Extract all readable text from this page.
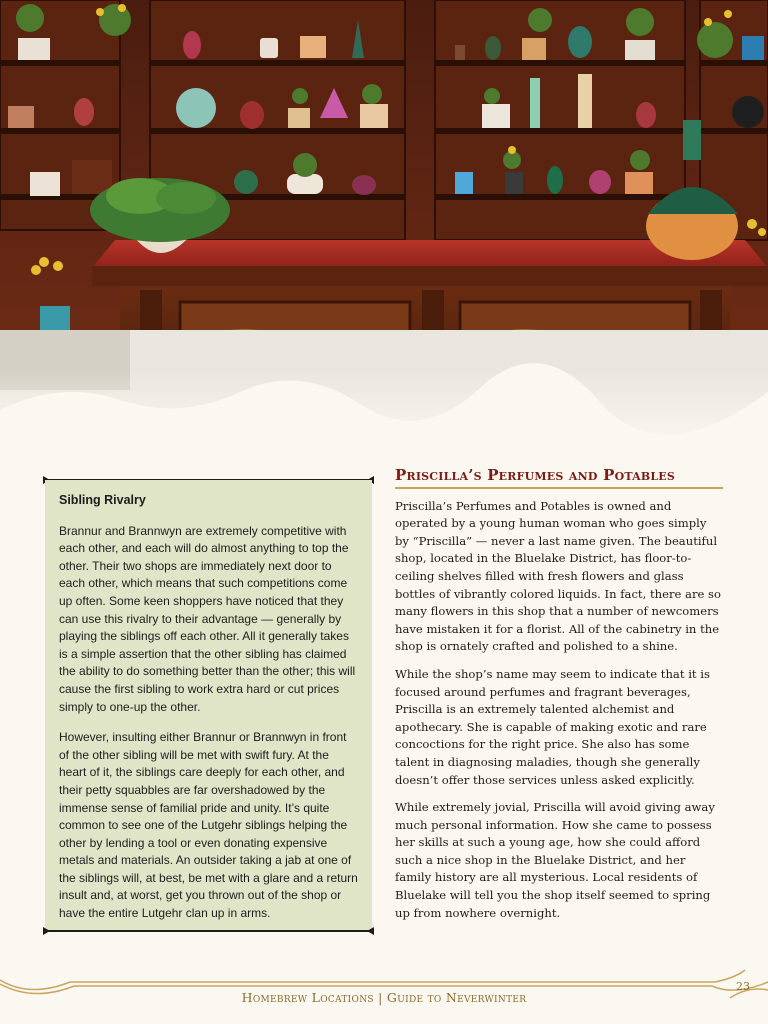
Sibling Rivalry

Brannur and Brannwyn are extremely competitive with each other, and each will do almost anything to top the other. Their two shops are immediately next door to each other, which means that such competitions come up often. Some keen shoppers have noticed that they can use this rivalry to their advantage — generally by playing the siblings off each other. All it generally takes is a simple assertion that the other sibling has claimed the ability to do something better than the other; this will cause the first sibling to work extra hard or cut prices simply to one-up the other.

However, insulting either Brannur or Brannwyn in front of the other sibling will be met with swift fury. At the heart of it, the siblings care deeply for each other, and their petty squabbles are far overshadowed by the immense sense of familial pride and unity. It’s quite common to see one of the Lutgehr siblings helping the other by lending a tool or even donating expensive metals and materials. An outsider taking a jab at one of the siblings will, at best, be met with a glare and a return insult and, at worst, get you thrown out of the shop or have the entire Lutgehr clan up in arms.

Priscilla’s Perfumes and Potables

Priscilla’s Perfumes and Potables is owned and operated by a young human woman who goes simply by “Priscilla” — never a last name given. The beautiful shop, located in the Bluelake District, has floor-to-ceiling shelves filled with fresh flowers and glass bottles of vibrantly colored liquids. In fact, there are so many flowers in this shop that a number of newcomers have mistaken it for a florist. All of the cabinetry in the shop is ornately crafted and polished to a shine.

While the shop’s name may seem to indicate that it is focused around perfumes and fragrant beverages, Priscilla is an extremely talented alchemist and apothecary. She is capable of making exotic and rare concoctions for the right price. She also has some talent in diagnosing maladies, though she generally doesn’t offer those services unless asked explicitly.

While extremely jovial, Priscilla will avoid giving away much personal information. How she came to possess her skills at such a young age, how she could afford such a nice shop in the Bluelake District, and her family history are all mysterious. Local residents of Bluelake will tell you the shop itself seemed to spring up from nowhere overnight.

Homebrew Locations | Guide to Neverwinter
23
